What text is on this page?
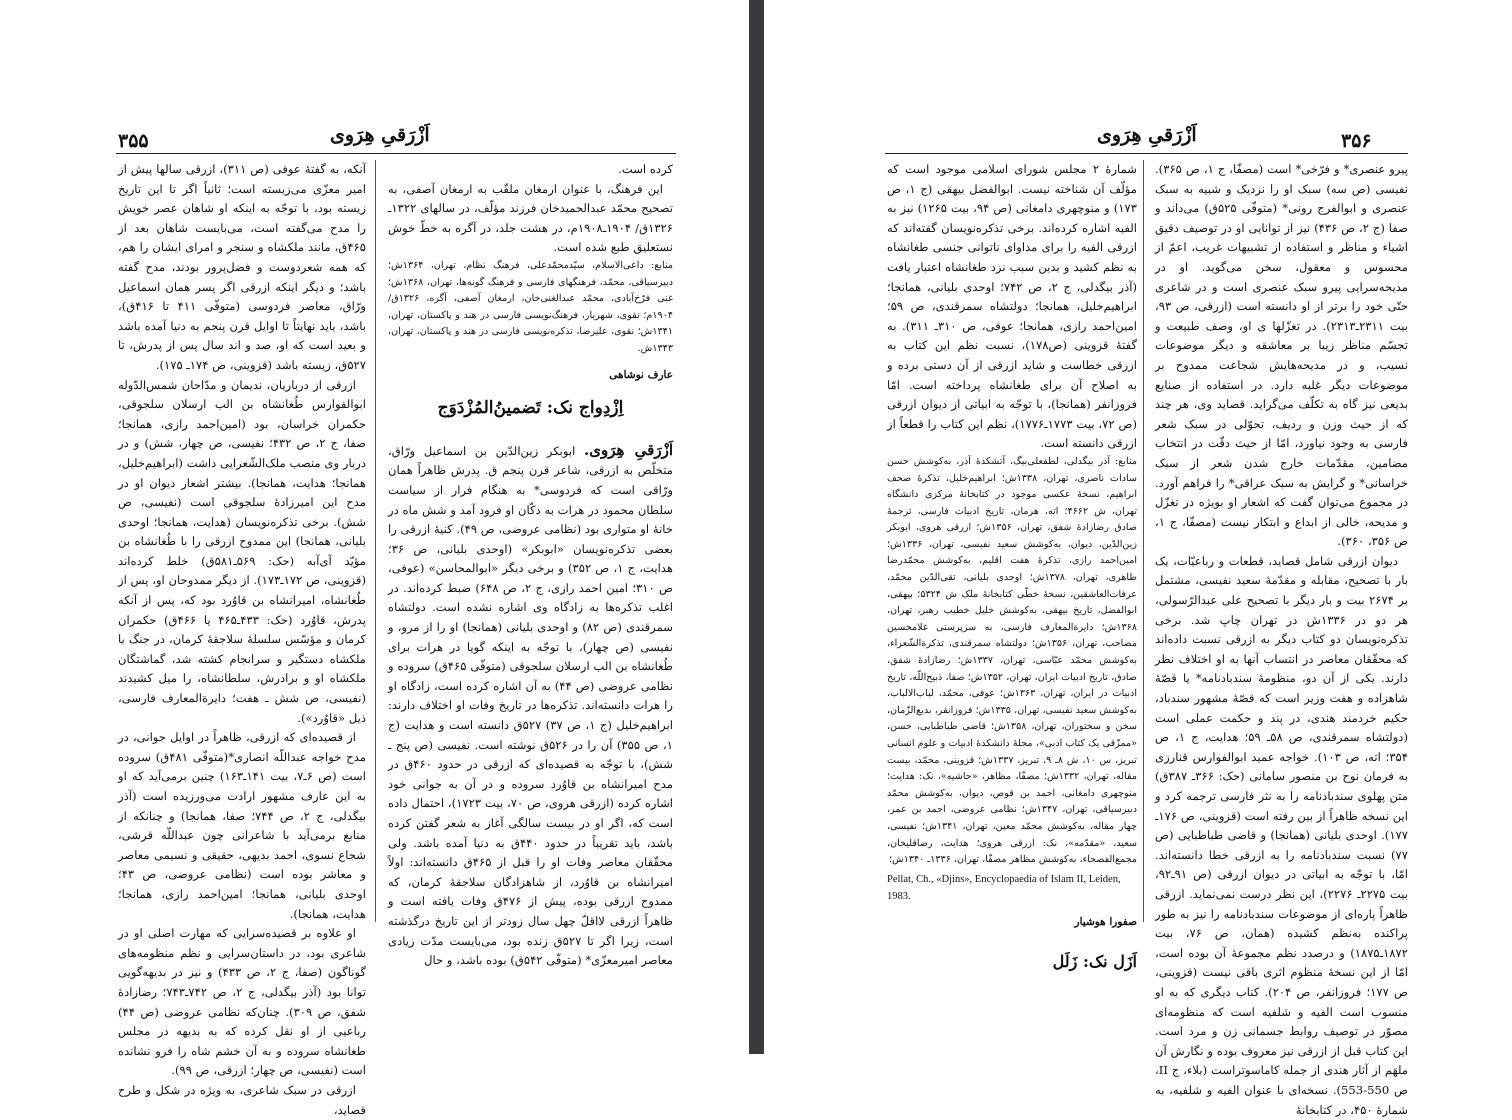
اَزْرَقیِ هِرَوی
۳۵۵

کرده است.

این فرهنگ، با عنوان ارمغان ملقّب به ارمغان آصفی، به تصحیح محمّد عبدالحمیدخان فرزند مؤلّف، در سالهای ۱۳۲۲ـ ۱۳۲۶ق/ ۱۹۰۴ـ۱۹۰۸م، در هشت جلد، در آگره به خطّ خوش نستعلیق طبع شده است.

منابع: داعی‌الاسلام، سیّدمحمّدعلی، فرهنگ نظام، تهران، ۱۳۶۴ش؛ دبیرسیاقی، محمّد، فرهنگهای فارسی و فرهنگ گونه‌ها، تهران، ۱۳۶۸ش؛ غنی فرّخ‌آبادی، محمّد عبدالغنی‌خان، ارمغان آصفی، آگره، ۱۳۲۶ق/ ۱۹۰۴م؛ نقوی، شهریار، فرهنگ‌نویسی فارسی در هند و پاکستان، تهران، ۱۳۴۱ش؛ نقوی، علیرضا، تذکره‌نویسی فارسی در هند و پاکستان، تهران، ۱۳۴۳ش.

عارف نوشاهی

اِزْدِواج نک: تَضمینُ‌المُزْدَوَج

اَزْرَقیِ هِرَوی. ابوبکر زین‌الدّین بن اسماعیل ورّاق، متخلّص به ازرقی، شاعر قرن پنجم ق. پدرش ظاهراً همان ورّاقی است که فردوسی* به هنگام فرار از سیاست سلطان محمود در هرات به دکّان او فرود آمد و شش ماه در خانهٔ او متواری بود (نظامی عروضی، ص ۴۹). کنیهٔ ازرقی را بعضی تذکره‌نویسان «ابوبکر» (اوحدی بلیانی، ص ۳۶؛ هدایت، ج ۱، ص ۳۵۲) و برخی دیگر «ابوالمحاسن» (عوفی، ص ۳۱۰؛ امین احمد رازی، ج ۲، ص ۶۴۸) ضبط کرده‌اند. در اغلب تذکره‌ها به زادگاه وی اشاره نشده است. دولتشاه سمرقندی (ص ۸۲) و اوحدی بلیانی (همانجا) او را از مرو، و نفیسی (ص چهار)، با توجّه به اینکه گویا در هرات برای طُغانشاه بن الب ارسلان سلجوقی (متوفّی ۴۶۵ق) سروده و نظامی عروضی (ص ۴۴) به آن اشاره کرده است، زادگاه او را هرات دانسته‌اند. تذکره‌ها در تاریخ وفات او اختلاف دارند: ابراهیم‌خلیل (ج ۱، ص ۳۷) ۵۲۷ق دانسته است و هدایت (ج ۱، ص ۳۵۵) آن را در ۵۲۶ق نوشته است. نفیسی (ص پنج ـ شش)، با توجّه به قصیده‌ای که ازرقی در حدود ۴۶۰ق در مدح امیرانشاه بن قاوُرد سروده و در آن به جوانی خود اشاره کرده (ازرقی هروی، ص ۷۰، بیت ۱۷۲۳)، احتمال داده است که، اگر او در بیست سالگی آغاز به شعر گفتن کرده باشد، باید تقریباً در حدود ۴۴۰ق به دنیا آمده باشد. ولی محقّقان معاصر وفات او را قبل از ۴۶۵ق دانسته‌اند: اولاً امیرانشاه بن قاوُرد، از شاهزادگان سلاجقهٔ کرمان، که ممدوح ازرقی بوده، پیش از ۴۷۶ق وفات یافته است و ظاهراً ازرقی لااقلّ چهل سال زودتر از این تاریخ درگذشته است، زیرا اگر تا ۵۲۷ق زنده بود، می‌بایست مدّت زیادی معاصر امیرمعزّی* (متوفّی ۵۴۲ق) بوده باشد، و حال

آنکه، به گفتهٔ عوفی (ص ۳۱۱)، ازرقی سالها پیش از امیر معزّی می‌زیسته است؛ ثانیاً اگر تا این تاریخ زیسته بود، با توجّه به اینکه او شاهان عصر خویش را مدح می‌گفته است، می‌بایست شاهان بعد از ۴۶۵ق، مانند ملکشاه و سنجر و امرای ایشان را هم، که همه شعردوست و فضل‌پرور بودند، مدح گفته باشد؛ و دیگر اینکه ازرقی اگر پسر همان اسماعیل ورّاق، معاصر فردوسی (متوفّی ۴۱۱ تا ۴۱۶ق)، باشد، باید نهایتاً تا اوایل قرن پنجم به دنیا آمده باشد و بعید است که او، صد و اند سال پس از پدرش، تا ۵۲۷ق، زیسته باشد (قزوینی، ص ۱۷۴ـ ۱۷۵).

ازرقی از درباریان، ندیمان و مدّاحان شمس‌الدّوله ابوالفوارس طُغانشاه بن الب ارسلان سلجوقی، حکمران خراسان، بود (امین‌احمد رازی، همانجا؛ صفا، ج ۲، ص ۴۳۲؛ نفیسی، ص چهار، شش) و در دربار وی منصب ملک‌الشّعرایی داشت (ابراهیم‌خلیل، همانجا؛ هدایت، همانجا). بیشتر اشعار دیوان او در مدح این امیرزادهٔ سلجوقی است (نفیسی، ص شش). برخی تذکره‌نویسان (هدایت، همانجا؛ اوحدی بلیانی، همانجا) این ممدوح ازرقی را با طُغانشاه بن مؤیّد آی‌آبه (حک: ۵۶۹ـ۵۸۱ق) خلط کرده‌اند (قزوینی، ص ۱۷۲ـ۱۷۳). از دیگر ممدوحان او، پس از طُغانشاه، امیرانشاه بن قاوُرد بود که، پس از آنکه پدرش، قاوُرد (حک: ۴۳۳ـ۴۶۵ یا ۴۶۶ق) حکمران کرمان و مؤسّس سلسلهٔ سلاجقهٔ کرمان، در جنگ با ملکشاه دستگیر و سرانجام کشته شد، گماشتگان ملکشاه او و برادرش، سلطانشاه، را میل کشیدند (نفیسی، ص شش ـ هفت؛ دایرةالمعارف فارسی، ذیل «قاوُرد»).

از قصیده‌ای که ازرقی، ظاهراً در اوایل جوانی، در مدح خواجه عبداللّه انصاری*(متوفّی ۴۸۱ق) سروده است (ص ۶ـ۷، بیت ۱۴۱ـ۱۶۳) چنین برمی‌آید که او به این عارف مشهور ارادت می‌ورزیده است (آذر بیگدلی، ج ۲، ص ۷۴۴؛ صفا، همانجا) و چنانکه از منابع برمی‌آید با شاعرانی چون عبداللّه قرشی، شجاع نسوی، احمد بدیهی، حقیقی و نسیمی معاصر و معاشر بوده است (نظامی عروضی، ص ۴۳؛ اوحدی بلیانی، همانجا؛ امین‌احمد رازی، همانجا؛ هدایت، همانجا).

او علاوه بر قصیده‌سرایی که مهارت اصلی او در شاعری بود، در داستان‌سرایی و نظم منظومه‌های گوناگون (صفا، ج ۲، ص ۴۳۳) و نیز در بدیهه‌گویی توانا بود (آذر بیگدلی، ج ۲، ص ۷۴۲ـ۷۴۳؛ رضازادهٔ شفق، ص ۳۰۹). چنان‌که نظامی عروضی (ص ۴۴) رباعیی از او نقل کرده که به بدیهه در مجلس طغانشاه سروده و به آن خشم شاه را فرو نشانده است (نفیسی، ص چهار؛ ازرقی، ص ۹۹).

ازرقی در سبک شاعری، به ویژه در شکل و طرح قصاید،

اَزْرَقیِ هِرَوی	۳۵۶

پیرو عنصری* و فرّخی* است (مصفّا، ج ۱، ص ۳۶۵). نفیسی (ص سه) سبک او را نزدیک و شبیه به سبک عنصری و ابوالفرج رونی* (متوفّی ۵۲۵ق) می‌داند و صفا (ج ۲، ص ۴۳۶) نیز از توانایی او در توصیف دقیق اشیاء و مناظر و استفاده از تشبیهات غریب، اعمّ از محسوس و معقول، سخن می‌گوید. او در مدیحه‌سرایی پیرو سبک عنصری است و در شاعری حتّی خود را برتر از او دانسته است (ازرقی، ص ۹۳، بیت ۲۳۱۱ـ۲۳۱۳). در تغزّلها ی او، وصف طبیعت و تجسّم مناظر زیبا بر معاشقه و دیگر موضوعات نسیب، و در مدیحه‌هایش شجاعت ممدوح بر موضوعات دیگر غلبه دارد. در استفاده از صنایع بدیعی نیز گاه به تکلّف می‌گراید. قصاید وی، هر چند که از حیث وزن و ردیف، تحوّلی در سبک شعر فارسی به وجود نیاورد، امّا از حیث دقّت در انتخاب مضامین، مقدّمات خارج شدن شعر از سبک خراسانی* و گرایش به سبک عراقی* را فراهم آورد. در مجموع می‌توان گفت که اشعار او بویژه در تغزّل و مدیحه، خالی از ابداع و ابتکار نیست (مصفّا، ج ۱، ص ۳۵۶، ۳۶۰).

دیوان ازرقی شامل قصاید، قطعات و رباعیّات، یک بار با تصحیح، مقابله و مقدّمهٔ سعید نفیسی، مشتمل بر ۲۶۷۴ بیت و بار دیگر با تصحیح علی عبدالرّسولی، هر دو در ۱۳۳۶ش در تهران چاپ شد. برخی تذکره‌نویسان دو کتاب دیگر به ازرقی نسبت داده‌اند که محقّقان معاصر در انتساب آنها به او اختلاف نظر دارند. یکی از آن دو، منظومهٔ سندبادنامه* یا قصّهٔ شاهزاده و هفت وزیر است که قصّهٔ مشهور سندباد، حکیم خردمند هندی، در پند و حکمت عملی است (دولتشاه سمرقندی، ص ۵۸ـ ۵۹؛ هدایت، ج ۱، ص ۳۵۴؛ اته، ص ۱۰۳). خواجه عمید ابوالفوارس قنارزی به فرمان نوح بن منصور سامانی (حک: ۳۶۶ـ ۳۸۷ق) متن پهلوی سندبادنامه را به نثر فارسی ترجمه کرد و این نسخه ظاهراً از بین رفته است (قزوینی، ص ۱۷۶ـ ۱۷۷). اوحدی بلیانی (همانجا) و قاضی طباطبایی (ص ۷۷) نسبت سندبادنامه را به ازرقی خطا دانسته‌اند. امّا، با توجّه به ابیاتی در دیوان ازرقی (ص ۹۱ـ۹۲، بیت ۲۲۷۵ـ ۲۲۷۶)، این نظر درست نمی‌نماید. ازرقی ظاهراً پاره‌ای از موضوعات سندبادنامه را نیز به طور پراکنده به‌نظم کشیده (همان، ص ۷۶، بیت ۱۸۷۲ـ۱۸۷۵) و درصدد نظم مجموعهٔ آن بوده است، امّا از این نسخهٔ منظوم اثری باقی نیست (قزوینی، ص ۱۷۷؛ فروزانفر، ص ۲۰۴). کتاب دیگری که به او منسوب است الفیه و شلفیه است که منظومه‌ای مصوّر در توصیف روابط جسمانی زن و مرد است. این کتاب قبل از ازرقی نیز معروف بوده و نگارش آن ملهَم از آثار هندی از جمله کاماسوتراست (بلاء، ج II، ص 550-553). نسخه‌ای با عنوان الفیه و شلفیه، به شمارهٔ ۴۵۰، در کتابخانهٔ

شمارهٔ ۲ مجلس شورای اسلامی موجود است که مؤلّف آن شناخته نیست. ابوالفضل بیهقی (ج ۱، ص ۱۷۳) و منوچهری دامغانی (ص ۹۴، بیت ۱۲۶۵) نیز به الفیه اشاره کرده‌اند. برخی تذکره‌نویسان گفته‌اند که ازرقی الفیه را برای مداوای ناتوانی جنسی طغانشاه به نظم کشید و بدین سبب نزد طغانشاه اعتبار یافت (آذر بیگدلی، ج ۲، ص ۷۴۲؛ اوحدی بلیانی، همانجا؛ ابراهیم‌خلیل، همانجا؛ دولتشاه سمرقندی، ص ۵۹؛ امین‌احمد رازی، همانجا؛ عوفی، ص ۳۱۰ـ ۳۱۱). به گفتهٔ قزوینی (ص۱۷۸)، نسبت نظم این کتاب به ازرقی خطاست و شاید ازرقی از آن دستی برده و به اصلاح آن برای طغانشاه پرداخته است. امّا فروزانفر (همانجا)، با توجّه به ابیاتی از دیوان ازرقی (ص ۷۲، بیت ۱۷۷۳ـ۱۷۷۶)، نظم این کتاب را قطعاً از ازرقی دانسته است.

منابع: آذر بیگدلی، لطفعلی‌بیگ، آتشکدهٔ آذر، به‌کوشش حسن سادات ناصری، تهران، ۱۳۳۸ش؛ ابراهیم‌خلیل، تذکرهٔ صحف ابراهیم، نسخهٔ عکسی موجود در کتابخانهٔ مرکزی دانشگاه تهران، ش ۴۶۶۲؛ اته، هرمان، تاریخ ادبیات فارسی، ترجمهٔ صادق رضازادهٔ شفق، تهران، ۱۳۵۶ش؛ ازرقی هروی، ابوبکر زین‌الدّین، دیوان، به‌کوشش سعید نفیسی، تهران، ۱۳۳۶ش؛ امین‌احمد رازی، تذکرهٔ هفت اقلیم، به‌کوشش محمّدرضا طاهری، تهران، ۱۳۷۸ش؛ اوحدی بلیانی، تقی‌الدّین محمّد، عرفات‌العاشقین، نسخهٔ خطّی کتابخانهٔ ملک ش ۵۳۲۴؛ بیهقی، ابوالفضل، تاریخ بیهقی، به‌کوشش خلیل خطیب رهبر، تهران، ۱۳۶۸ش؛ دایرةالمعارف فارسی، به سرپرستی غلامحسین مصاحب، تهران، ۱۳۵۶ش؛ دولتشاه سمرقندی، تذکرةالشّعراء، به‌کوشش محمّد عبّاسی، تهران، ۱۳۳۷ش؛ رضازادهٔ شفق، صادق، تاریخ ادبیات ایران، تهران، ۱۳۵۲ش؛ صفا، ذبیح‌اللّه، تاریخ ادبیات در ایران، تهران، ۱۳۶۳ش؛ عوفی، محمّد، لباب‌الالباب، به‌کوشش سعید نفیسی، تهران، ۱۳۳۵ش؛ فروزانفر، بدیع‌الزّمان، سخن و سخنوران، تهران، ۱۳۵۸ش؛ قاضی طباطبایی، حسن، «ممزّقی یک کتاب ادبی»، مجلهٔ دانشکدهٔ ادبیات و علوم انسانی تبریز، س ۱۰، ش ۸ـ ۹، تبریز، ۱۳۳۷ش؛ قزوینی، محمّد، بیست مقاله، تهران، ۱۳۳۲ش؛ مصفّا، مظاهر، «حاشیه»، نک: هدایت؛ منوچهری دامغانی، احمد بن قوص، دیوان، به‌کوشش محمّد دبیرسیاقی، تهران، ۱۳۴۷ش؛ نظامی عروضی، احمد بن عمر، چهار مقاله، به‌کوشش محمّد معین، تهران، ۱۳۴۱ش؛ نفیسی، سعید، «مقدّمه»، نک: ازرقی هروی؛ هدایت، رضاقلیخان، مجمع‌الفصحاء، به‌کوشش مظاهر مصفّا، تهران، ۱۳۳۶ـ ۱۳۴۰ش؛

Pellat, Ch., «Djins», Encyclopaedia of Islam II, Leiden, 1983.

صفورا هوشیار

اَزَل نک: زَلَل
